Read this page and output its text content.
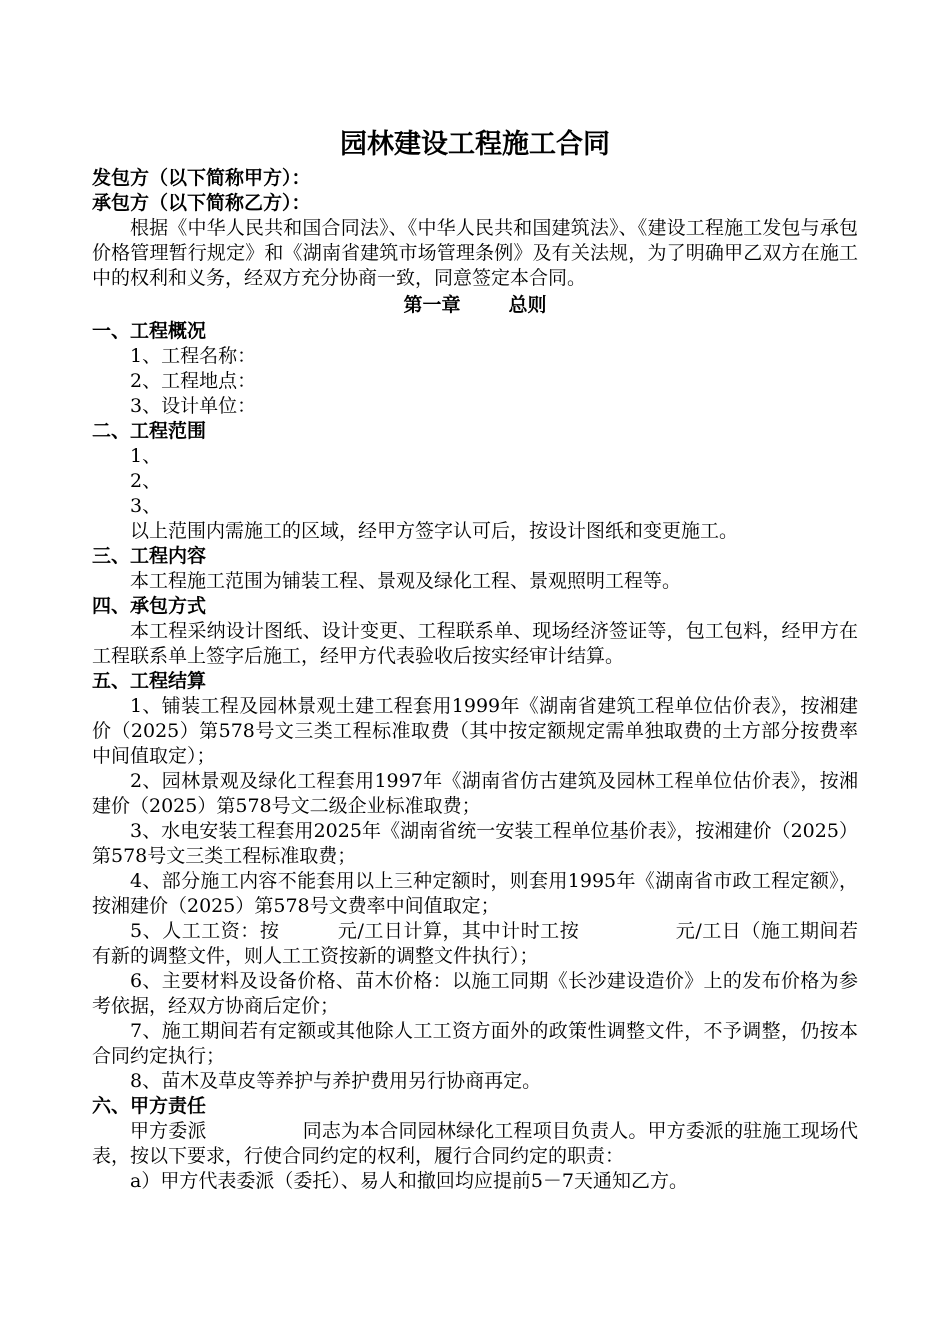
园林建设工程施工合同

发包方（以下简称甲方）：

承包方（以下简称乙方）：

根据《中华人民共和国合同法》、《中华人民共和国建筑法》、《建设工程施工发包与承包价格管理暂行规定》和《湖南省建筑市场管理条例》及有关法规，为了明确甲乙双方在施工中的权利和义务，经双方充分协商一致，同意签定本合同。

第一章	总则

一、工程概况

1、工程名称：

2、工程地点：

3、设计单位：

二、工程范围

1、

2、

3、

以上范围内需施工的区域，经甲方签字认可后，按设计图纸和变更施工。

三、工程内容

本工程施工范围为铺装工程、景观及绿化工程、景观照明工程等。

四、承包方式

本工程采纳设计图纸、设计变更、工程联系单、现场经济签证等，包工包料，经甲方在工程联系单上签字后施工，经甲方代表验收后按实经审计结算。

五、工程结算

1、铺装工程及园林景观土建工程套用1999年《湖南省建筑工程单位估价表》，按湘建价（2025）第578号文三类工程标准取费（其中按定额规定需单独取费的土方部分按费率中间值取定）；

2、园林景观及绿化工程套用1997年《湖南省仿古建筑及园林工程单位估价表》，按湘建价（2025）第578号文二级企业标准取费；

3、水电安装工程套用2025年《湖南省统一安装工程单位基价表》，按湘建价（2025）第578号文三类工程标准取费；

4、部分施工内容不能套用以上三种定额时，则套用1995年《湖南省市政工程定额》，按湘建价（2025）第578号文费率中间值取定；

5、人工工资：按	元/工日计算，其中计时工按	元/工日（施工期间若有新的调整文件，则人工工资按新的调整文件执行）；

6、主要材料及设备价格、苗木价格：以施工同期《长沙建设造价》上的发布价格为参考依据，经双方协商后定价；

7、施工期间若有定额或其他除人工工资方面外的政策性调整文件，不予调整，仍按本合同约定执行；

8、苗木及草皮等养护与养护费用另行协商再定。

六、甲方责任

甲方委派	同志为本合同园林绿化工程项目负责人。甲方委派的驻施工现场代表，按以下要求，行使合同约定的权利，履行合同约定的职责：

a）甲方代表委派（委托）、易人和撤回均应提前5－7天通知乙方。
